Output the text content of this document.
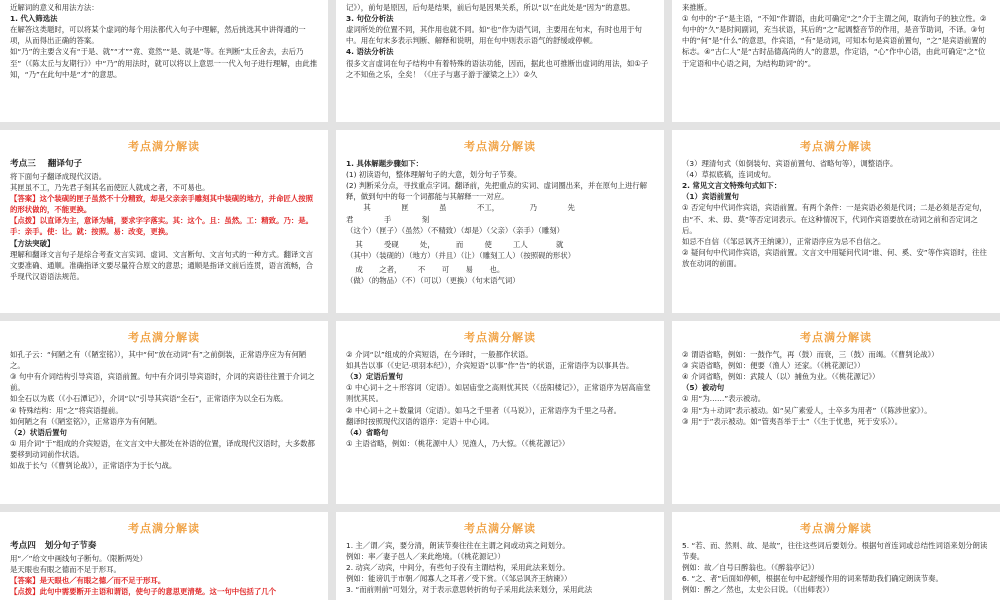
近解词的意义和用法方法：

1. 代入筛选法

在解答这类题时，可以将某个虚词的每个用法都代入句子中理解，然后挑选其中讲得通的一项，从而得出正确的答案。

如“乃”的主要含义有“于是、就”“才”“竟、竟然”“是、就是”等。在判断“太丘舍去，去后乃至”（《陈太丘与友期行》）中“乃”的用法时，就可以将以上意思一一代入句子进行理解，由此推知，“乃”在此句中是“才”的意思。

记》），前句是原因，后句是结果，前后句是因果关系，所以“以”在此处是“因为”的意思。

3. 句位分析法

虚词所处的位置不同，其作用也就不同。如“也”作为语气词，主要用在句末，有时也用于句中。用在句末多表示判断、解释和说明，用在句中则表示语气的舒缓或停顿。

4. 语法分析法

很多文言虚词在句子结构中有着特殊的语法功能，因而，据此也可推断出虚词的用法，如①子之不知鱼之乐，全矣！（《庄子与惠子游于濠梁之上》）②久

来推断。

① 句中的“子”是主语，“不知”作谓语，由此可确定“之”介于主谓之间，取消句子的独立性。②句中的“久”是时间副词，充当状语，其后的“之”起调整音节的作用，是音节助词，不译。③句中的“何”是“什么”的意思，作宾语，“有”是动词，可知本句是宾语前置句，“之”是宾语前置的标志。④“古仁人”是“古时品德高尚的人”的意思，作定语，“心”作中心语，由此可确定“之”位于定语和中心语之间，为结构助词“的”。

考点满分解读

考点三 翻译句子

将下面句子翻译成现代汉语。

其匣虽不工，乃先君子刻其名而使匠人就成之者，不可易也。

【答案】这个装砚的匣子虽然不十分精致，却是父亲亲手雕刻其中装砚的地方，并命匠人按照的形状做的，不能更换。

【点拨】以直译为主，意译为辅，要求字字落实。其：这个。且：虽然。工：精致。乃：是。手：亲手。使：让。就：按照。易：改变，更换。

【方法突破】

理解和翻译文言句子是综合考查文言实词、虚词、文言断句、文言句式的一种方式。翻译文言文要准确、通顺。准确指译文要尽量符合原文的意思；通顺是指译文前后连贯，语言流畅，合乎现代汉语语法规范。

考点满分解读

1. 具体解题步骤如下：

(1) 初读语句，整体理解句子的大意，划分句子节奏。

(2) 判断采分点，寻找重点字词。翻译前，先把重点的实词、虚词圈出来，并在原句上进行解释，做到句中的每一个词都能与其解释一一对应。

其	匣	虽	不工，	乃	先君	手	刻

（这个）（匣子）（虽然）（不精致）（却是）（父亲）（亲手）（雕刻）

其	受砚	处，	而	使	工人	就

（其中）（装砚的）（地方）（并且）（让）（雕刻工人）（按照砚的形状）

成 之者， 不 可 易 也。

（做）（的物品）（不）（可以）（更换）（句末语气词）

考点满分解读

（3）理清句式（如倒装句、宾语前置句、省略句等），调整语序。

（4）草拟底稿，连词成句。

2. 常见文言文特殊句式如下：

（1）宾语前置句

① 否定句中代词作宾语，宾语前置。有两个条件：一是宾语必须是代词；二是必须是否定句，由“不、未、毋、莫”等否定词表示。在这种情况下，代词作宾语要放在动词之前和否定词之后。

如忌不自信（《邹忌讽齐王纳谏》），正常语序应为忌不自信之。

② 疑问句中代词作宾语，宾语前置。文言文中用疑问代词“谁、何、奚、安”等作宾语时，往往放在动词的前面。

考点满分解读

如孔子云：“何陋之有（《陋室铭》），其中“何”放在动词“有”之前倒装，正常语序应为有何陋之。

③ 句中有介词结构引导宾语，宾语前置。句中有介词引导宾语时，介词的宾语往往置于介词之前。

如全石以为底（《小石潭记》），介词“以”引导其宾语“全石”，正常语序为以全石为底。

④ 特殊结构：用“之”将宾语提前。

如何陋之有（《陋室铭》），正常语序为有何陋。

（2）状语后置句

① 用介词“于”组成的介宾短语，在文言文中大都处在补语的位置，译成现代汉语时，大多数都要移到动词前作状语。

如战于长勺（《曹刿论战》），正常语序为于长勺战。

考点满分解读

② 介词“以”组成的介宾短语，在今译时，一般都作状语。

如具告以事（《史记·项羽本纪》），介宾短语“以事”作“告”的状语，正常语序为以事具告。

（3）定语后置句

① 中心词＋之＋形容词（定语）。如居庙堂之高则忧其民（《岳阳楼记》），正常语序为居高庙堂则忧其民。

② 中心词＋之＋数量词（定语）。如马之千里者（《马说》），正常语序为千里之马者。

翻译时按照现代汉语的语序：定语＋中心词。

（4）省略句

① 主语省略，例如：（桃花源中人）见渔人，乃大惊。（《桃花源记》）

考点满分解读

② 谓语省略，例如：一鼓作气，再（鼓）而衰，三（鼓）而竭。（《曹刿论战》）

③ 宾语省略，例如：便要（渔人）还家。（《桃花源记》）

④ 介词省略，例如：武陵人（以）捕鱼为业。（《桃花源记》）

（5）被动句

① 用“为……”表示被动。

② 用“为＋动词”表示被动。如“吴广素爱人，士卒多为用者”（《陈涉世家》）。

③ 用“于”表示被动。如“管夷吾举于士”（《生于忧患，死于安乐》）。

考点满分解读

考点四 划分句子节奏

用“／”给文中画线句子断句。（限断两处）

是天眼也有眼之德而不足于形耳。

【答案】是天眼也／有眼之德／而不足于形耳。

【点拨】此句中需要断开主语和谓语，使句子的意思更清楚。这一句中包括了几个

考点满分解读

1. 主／谓／宾，要分清，朗读节奏往往在主谓之间或动宾之间划分。

例如：率／妻子邑人／来此绝境。（《桃花源记》）

2. 动宾／动宾，中间分，有些句子没有主谓结构，采用此法来划分。

例如：能谤讥于市朝／闻寡人之耳者／受下赏。（《邹忌讽齐王纳谏》）

3. “而前则前”可划分，对于表示意思转折的句子采用此法来划分，采用此法

考点满分解读

5. “若、而、然则、故、是故”，往往这些词后要划分。根据句首连词或总结性词语来划分朗读节奏。

例如：故／自号曰醉翁也。（《醉翁亭记》）

6. “之、者”后面如停顿，根据在句中起舒缓作用的词来帮助我们确定朗读节奏。

例如：醉之／然也，太史公曰说。（《出师表》）
